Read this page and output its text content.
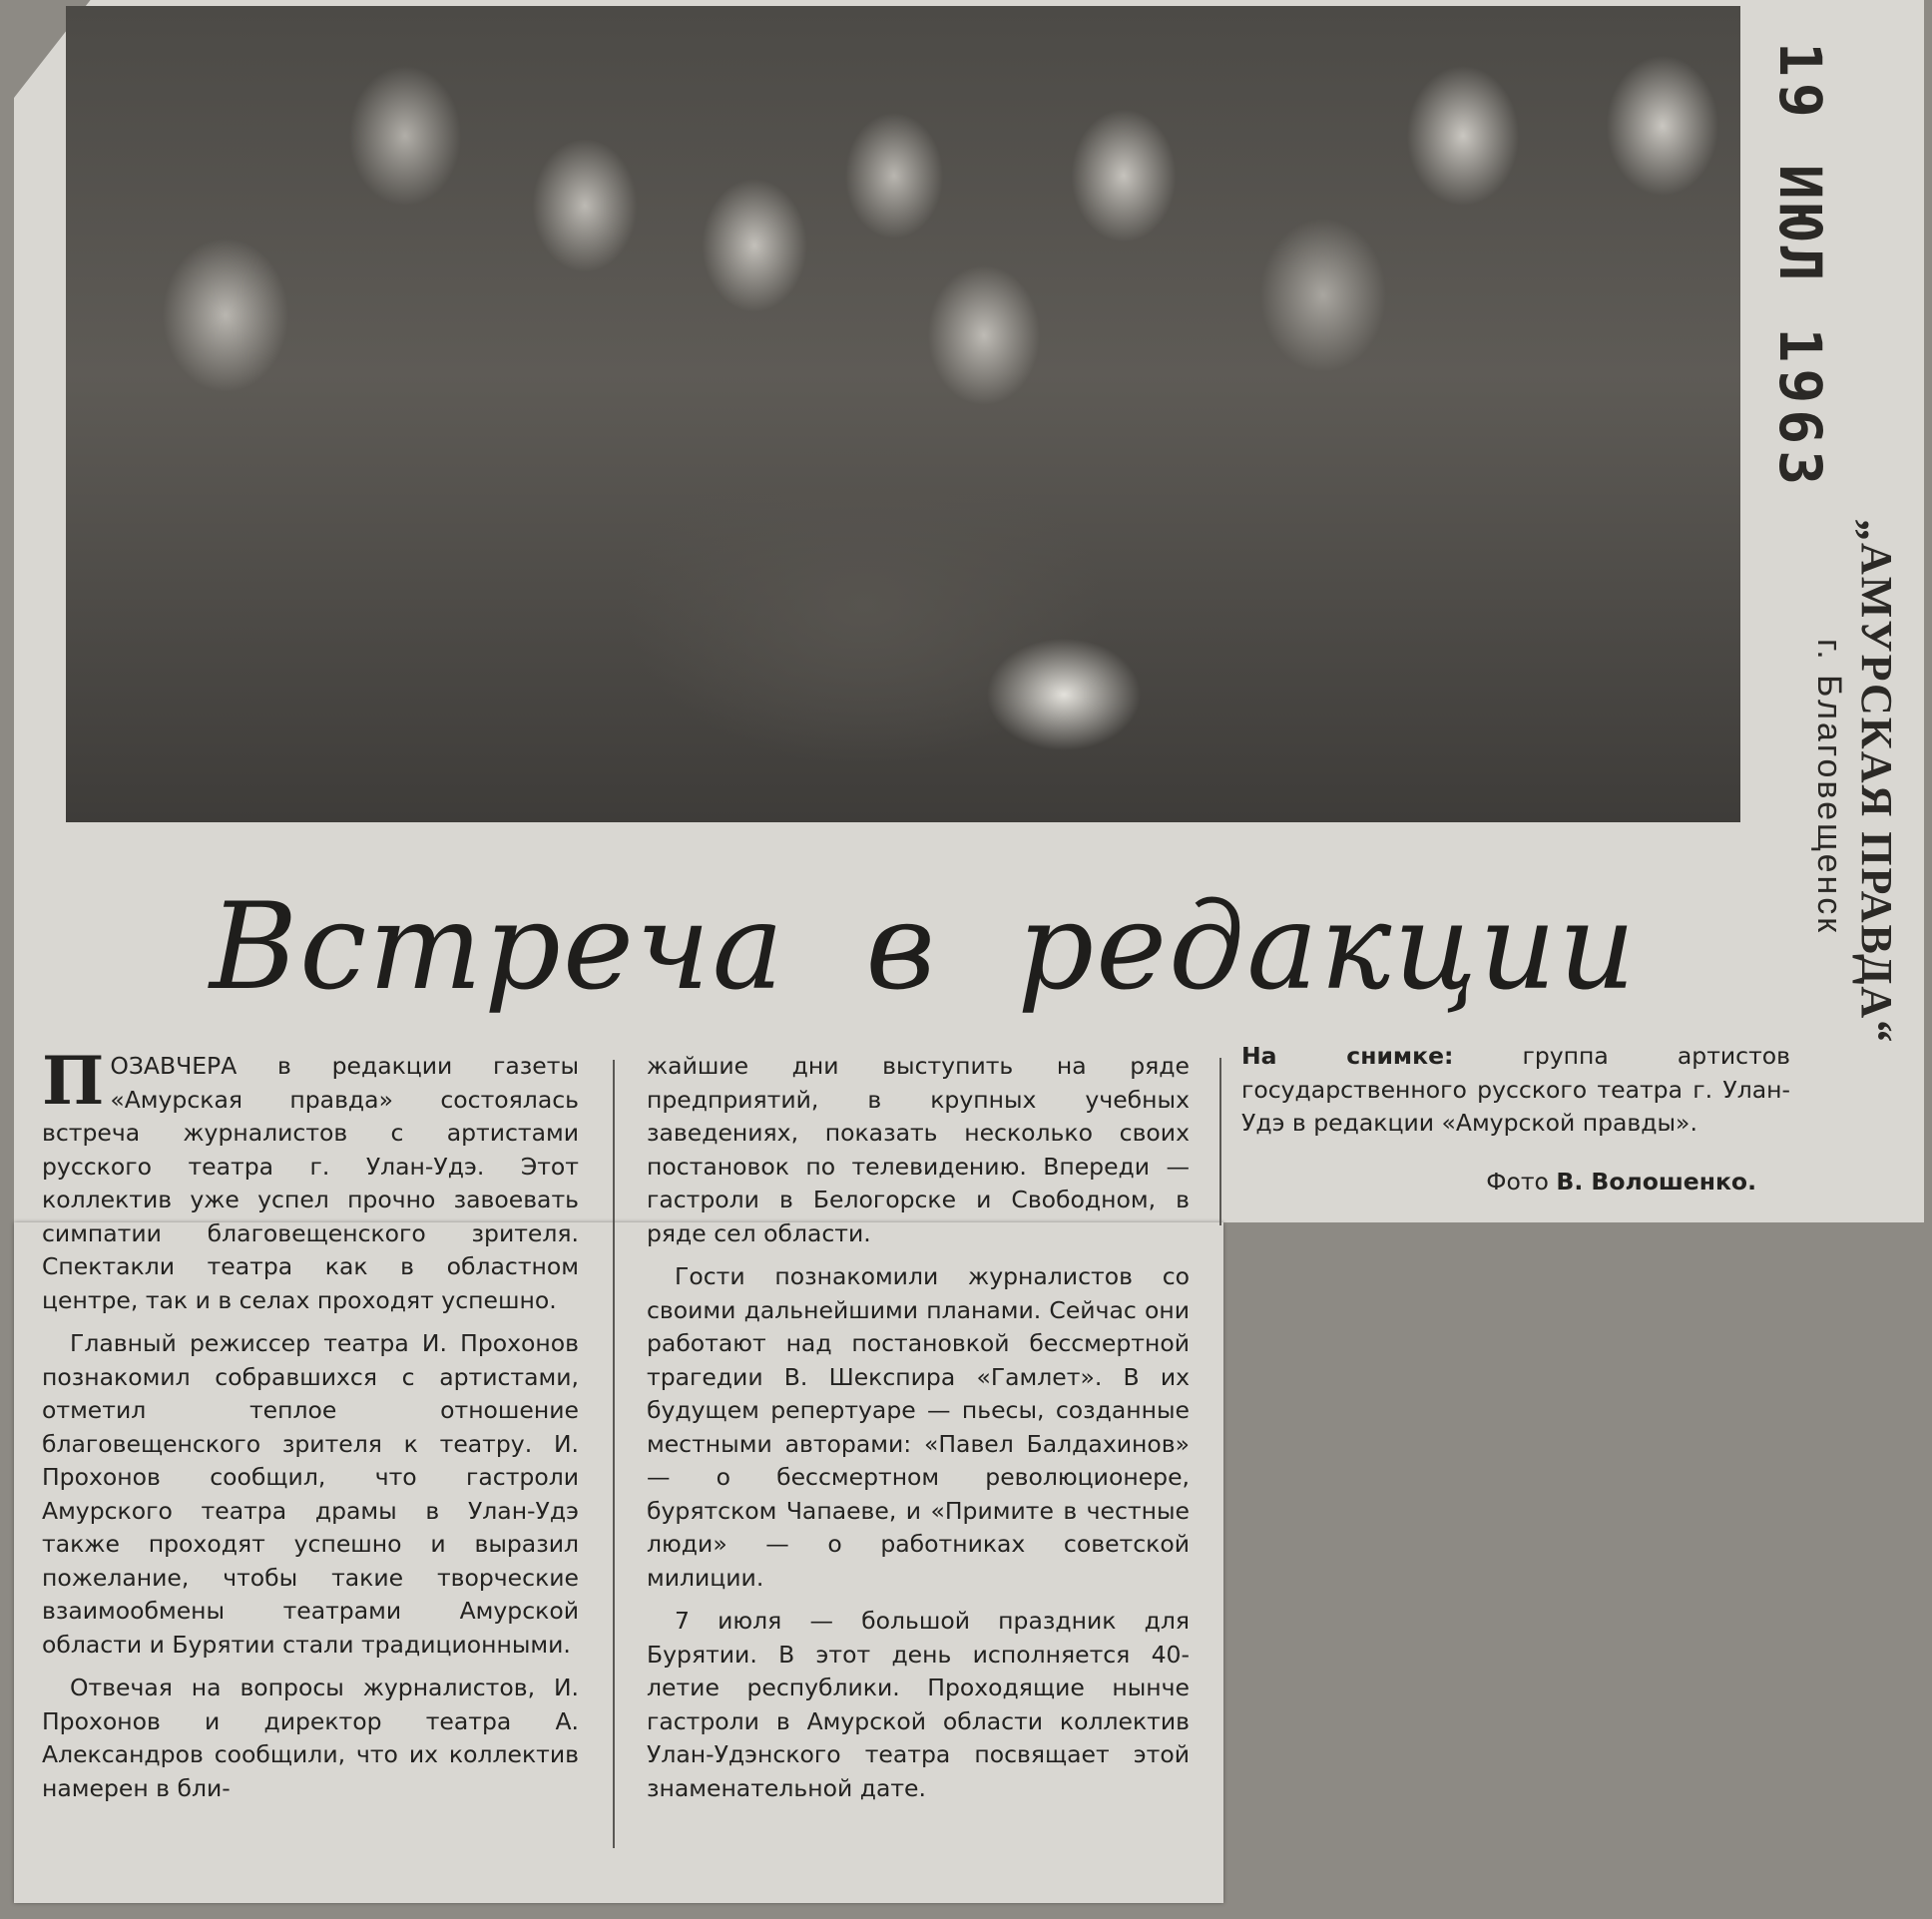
19 ИЮЛ 1963
„АМУРСКАЯ ПРАВДА“
г. Благовещенск
Встреча в редакции

ПОЗАВЧЕРА в редакции газеты «Амурская правда» состоялась встреча журналистов с артистами русского театра г. Улан-Удэ. Этот коллектив уже успел прочно завоевать симпатии благовещенского зрителя. Спектакли театра как в областном центре, так и в селах проходят успешно.

Главный режиссер театра И. Прохонов познакомил собравшихся с артистами, отметил теплое отношение благовещенского зрителя к театру. И. Прохонов сообщил, что гастроли Амурского театра драмы в Улан-Удэ также проходят успешно и выразил пожелание, чтобы такие творческие взаимообмены театрами Амурской области и Бурятии стали традиционными.

Отвечая на вопросы журналистов, И. Прохонов и директор театра А. Александров сообщили, что их коллектив намерен в бли-

жайшие дни выступить на ряде предприятий, в крупных учебных заведениях, показать несколько своих постановок по телевидению. Впереди — гастроли в Белогорске и Свободном, в ряде сел области.

Гости познакомили журналистов со своими дальнейшими планами. Сейчас они работают над постановкой бессмертной трагедии В. Шекспира «Гамлет». В их будущем репертуаре — пьесы, созданные местными авторами: «Павел Балдахинов» — о бессмертном революционере, бурятском Чапаеве, и «Примите в честные люди» — о работниках советской милиции.

7 июля — большой праздник для Бурятии. В этот день исполняется 40-летие республики. Проходящие нынче гастроли в Амурской области коллектив Улан-Удэнского театра посвящает этой знаменательной дате.

На снимке:	группа артистов государственного русского театра г. Улан-Удэ в редакции «Амурской правды».
Фото В. Волошенко.
